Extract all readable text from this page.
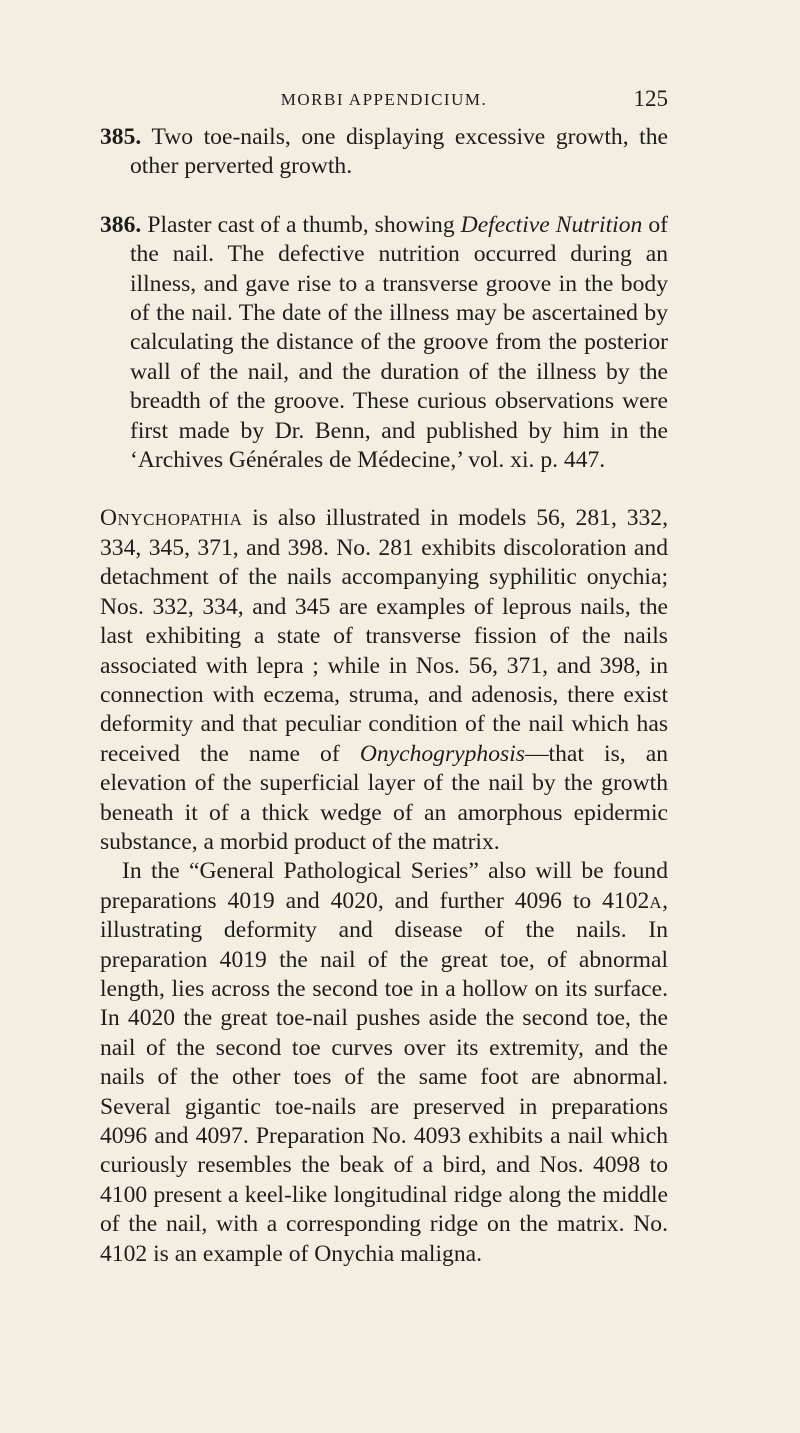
MORBI APPENDICIUM.	125

385. Two toe-nails, one displaying excessive growth, the other perverted growth.

386. Plaster cast of a thumb, showing Defective Nutrition of the nail. The defective nutrition occurred during an illness, and gave rise to a transverse groove in the body of the nail. The date of the illness may be ascertained by calculating the distance of the groove from the posterior wall of the nail, and the duration of the illness by the breadth of the groove. These curious observations were first made by Dr. Benn, and published by him in the ‘Archives Générales de Médecine,’ vol. xi. p. 447.

Onychopathia is also illustrated in models 56, 281, 332, 334, 345, 371, and 398. No. 281 exhibits discoloration and detachment of the nails accompanying syphilitic onychia; Nos. 332, 334, and 345 are examples of leprous nails, the last exhibiting a state of transverse fission of the nails associated with lepra ; while in Nos. 56, 371, and 398, in connection with eczema, struma, and adenosis, there exist deformity and that peculiar condition of the nail which has received the name of Onychogryphosis—that is, an elevation of the superficial layer of the nail by the growth beneath it of a thick wedge of an amorphous epidermic substance, a morbid product of the matrix.

In the “General Pathological Series” also will be found preparations 4019 and 4020, and further 4096 to 4102a, illustrating deformity and disease of the nails. In preparation 4019 the nail of the great toe, of abnormal length, lies across the second toe in a hollow on its surface. In 4020 the great toe-nail pushes aside the second toe, the nail of the second toe curves over its extremity, and the nails of the other toes of the same foot are abnormal. Several gigantic toe-nails are preserved in preparations 4096 and 4097. Preparation No. 4093 exhibits a nail which curiously resembles the beak of a bird, and Nos. 4098 to 4100 present a keel-like longitudinal ridge along the middle of the nail, with a corresponding ridge on the matrix. No. 4102 is an example of Onychia maligna.
